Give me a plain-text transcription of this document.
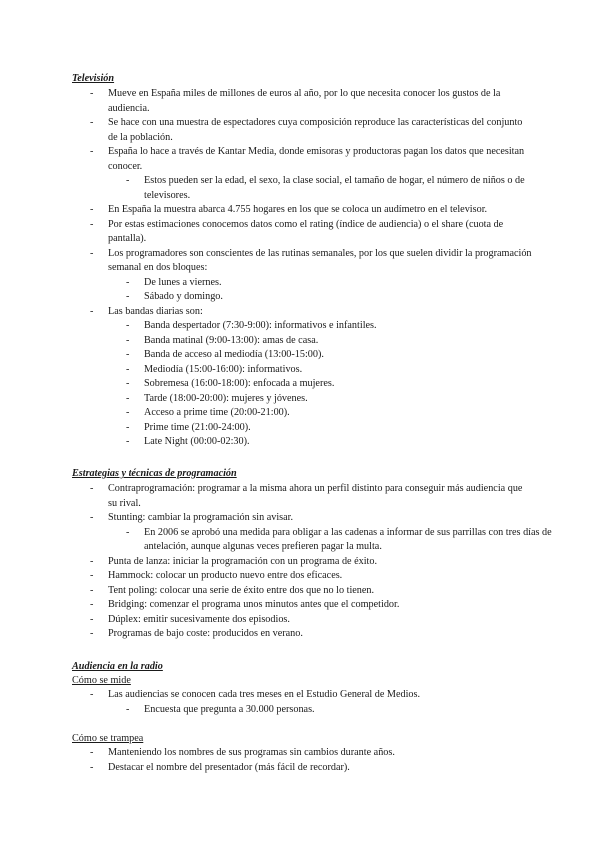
Televisión

- Mueve en España miles de millones de euros al año, por lo que necesita conocer los gustos de la audiencia.
- Se hace con una muestra de espectadores cuya composición reproduce las características del conjunto de la población.
- España lo hace a través de Kantar Media, donde emisoras y productoras pagan los datos que necesitan conocer.
- Estos pueden ser la edad, el sexo, la clase social, el tamaño de hogar, el número de niños o de televisores.
- En España la muestra abarca 4.755 hogares en los que se coloca un audímetro en el televisor.
- Por estas estimaciones conocemos datos como el rating (índice de audiencia) o el share (cuota de pantalla).
- Los programadores son conscientes de las rutinas semanales, por los que suelen dividir la programación semanal en dos bloques:
- De lunes a viernes.
- Sábado y domingo.
- Las bandas diarias son:
- Banda despertador (7:30-9:00): informativos e infantiles.
- Banda matinal (9:00-13:00): amas de casa.
- Banda de acceso al mediodía (13:00-15:00).
- Mediodía (15:00-16:00): informativos.
- Sobremesa (16:00-18:00): enfocada a mujeres.
- Tarde (18:00-20:00): mujeres y jóvenes.
- Acceso a prime time (20:00-21:00).
- Prime time (21:00-24:00).
- Late Night (00:00-02:30).

Estrategias y técnicas de programación

- Contraprogramación: programar a la misma ahora un perfil distinto para conseguir más audiencia que su rival.
- Stunting: cambiar la programación sin avisar.
- En 2006 se aprobó una medida para obligar a las cadenas a informar de sus parrillas con tres días de antelación, aunque algunas veces prefieren pagar la multa.
- Punta de lanza: iniciar la programación con un programa de éxito.
- Hammock: colocar un producto nuevo entre dos eficaces.
- Tent poling: colocar una serie de éxito entre dos que no lo tienen.
- Bridging: comenzar el programa unos minutos antes que el competidor.
- Dúplex: emitir sucesivamente dos episodios.
- Programas de bajo coste: producidos en verano.

Audiencia en la radio

Cómo se mide

- Las audiencias se conocen cada tres meses en el Estudio General de Medios.
- Encuesta que pregunta a 30.000 personas.

Cómo se trampea

- Manteniendo los nombres de sus programas sin cambios durante años.
- Destacar el nombre del presentador (más fácil de recordar).
